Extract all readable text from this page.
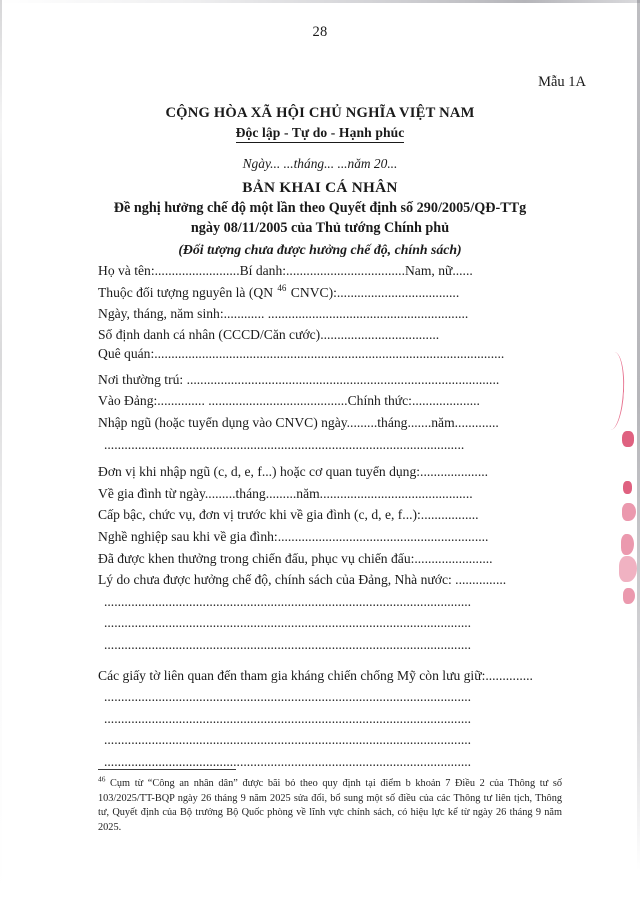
28
Mẫu 1A
CỘNG HÒA XÃ HỘI CHỦ NGHĨA VIỆT NAM
Độc lập - Tự do - Hạnh phúc
Ngày... ...tháng... ...năm 20...
BẢN KHAI CÁ NHÂN
Đề nghị hưởng chế độ một lần theo Quyết định số 290/2005/QĐ-TTg
ngày 08/11/2005 của Thủ tướng Chính phủ
(Đối tượng chưa được hưởng chế độ, chính sách)
Họ và tên:.........................Bí danh:...................................Nam, nữ......
Thuộc đối tượng nguyên là (QN $^{46}$ CNVC):....................................
Ngày, tháng, năm sinh:............ ...........................................................
Số định danh cá nhân (CCCD/Căn cước)...................................
Quê quán:.......................................................................................................
Nơi thường trú: ............................................................................................
Vào Đảng:.............. .........................................Chính thức:....................
Nhập ngũ (hoặc tuyển dụng vào CNVC) ngày.........tháng.......năm.............
..........................................................................................................
Đơn vị khi nhập ngũ (c, d, e, f...) hoặc cơ quan tuyển dụng:....................
Về gia đình từ ngày.........tháng.........năm.............................................
Cấp bậc, chức vụ, đơn vị trước khi về gia đình (c, d, e, f...):.................
Nghề nghiệp sau khi về gia đình:..............................................................
Đã được khen thưởng trong chiến đấu, phục vụ chiến đấu:.......................
Lý do chưa được hưởng chế độ, chính sách của Đảng, Nhà nước: ...............
............................................................................................................
............................................................................................................
............................................................................................................
Các giấy tờ liên quan đến tham gia kháng chiến chống Mỹ còn lưu giữ:..............
............................................................................................................
............................................................................................................
............................................................................................................
............................................................................................................
$^{46}$ Cụm từ “Công an nhân dân” được bãi bỏ theo quy định tại điểm b khoản 7 Điều 2 của Thông tư số 103/2025/TT-BQP ngày 26 tháng 9 năm 2025 sửa đổi, bổ sung một số điều của các Thông tư liên tịch, Thông tư, Quyết định của Bộ trưởng Bộ Quốc phòng về lĩnh vực chính sách, có hiệu lực kể từ ngày 26 tháng 9 năm 2025.
